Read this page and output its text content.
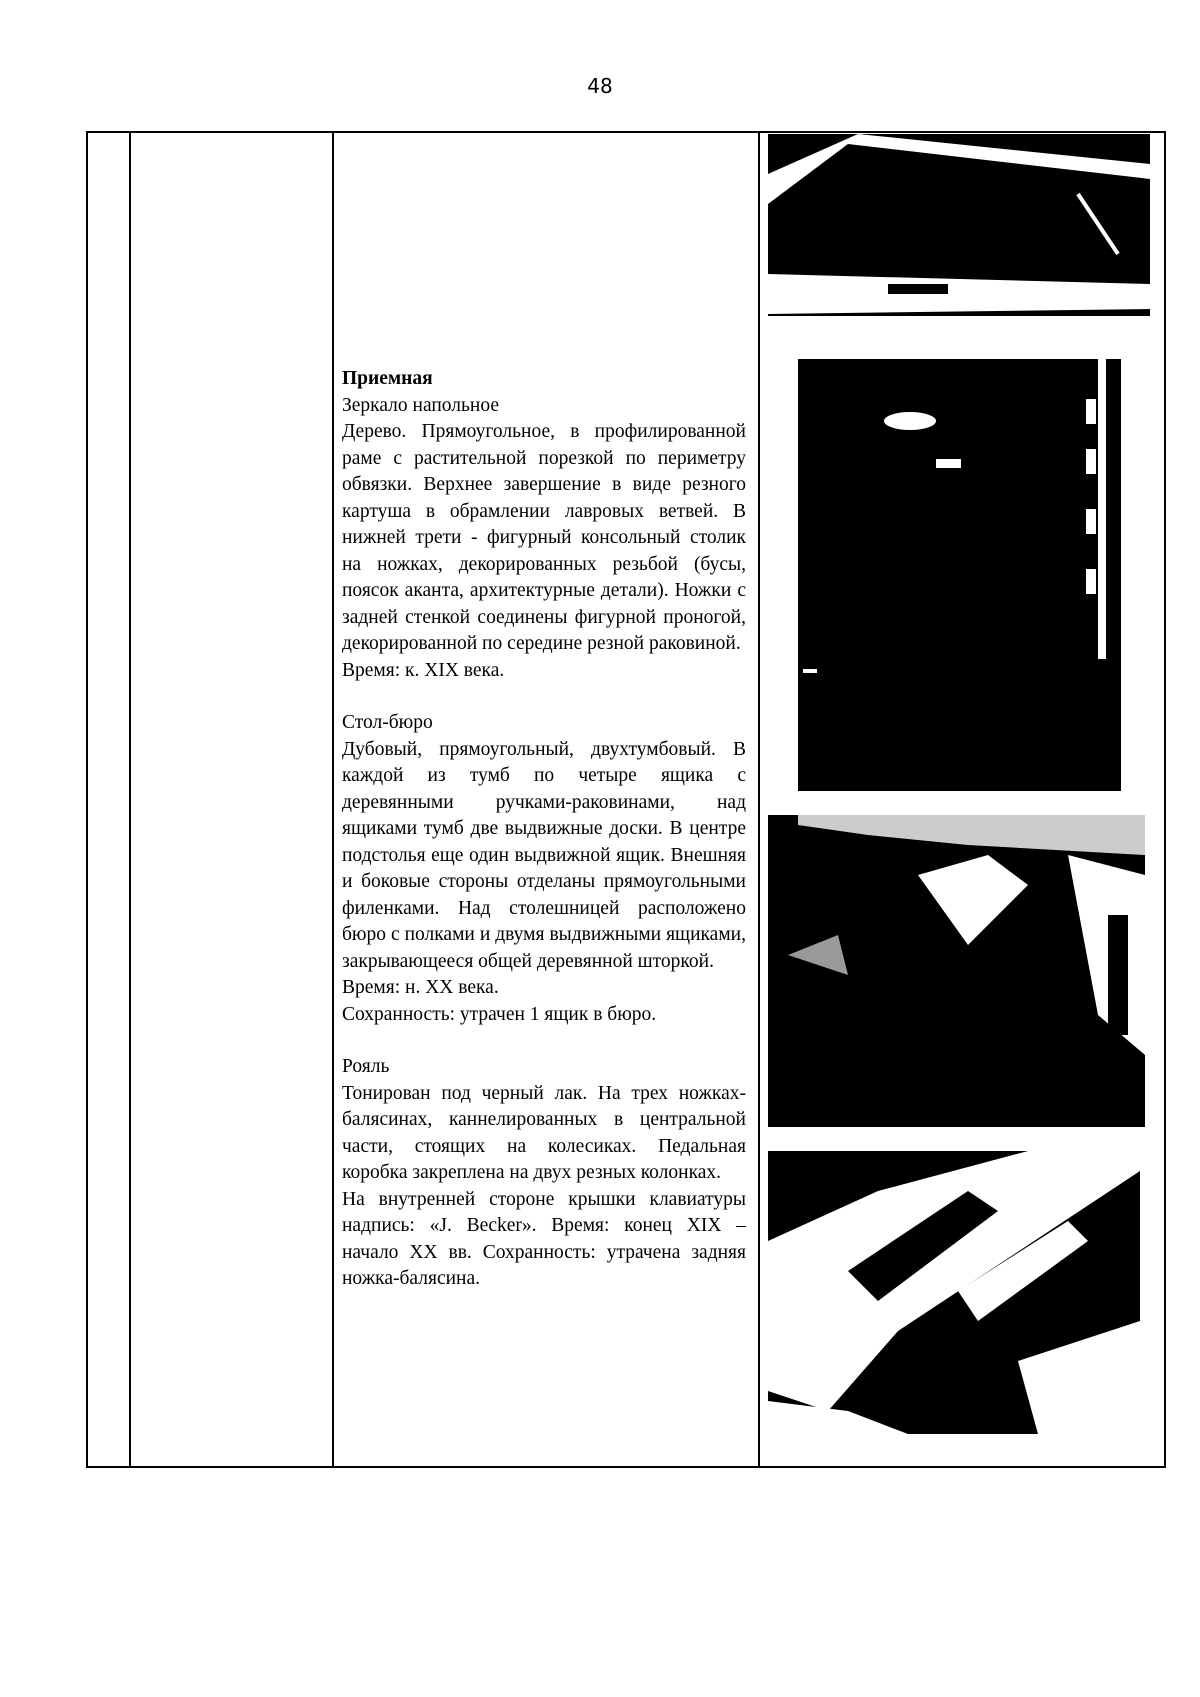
48

Приемная

Зеркало напольное

Дерево. Прямоугольное, в профилированной раме с растительной порезкой по периметру обвязки. Верхнее завершение в виде резного картуша в обрамлении лавровых ветвей. В нижней трети - фигурный консольный столик на ножках, декорированных резьбой (бусы, поясок аканта, архитектурные детали). Ножки с задней стенкой соединены фигурной проногой, декорированной по середине резной раковиной.

Время: к. XIX века.

Стол-бюро

Дубовый, прямоугольный, двухтумбовый. В каждой из тумб по четыре ящика с деревянными ручками-раковинами, над ящиками тумб две выдвижные доски. В центре подстолья еще один выдвижной ящик. Внешняя и боковые стороны отделаны прямоугольными филенками. Над столешницей расположено бюро с полками и двумя выдвижными ящиками, закрывающееся общей деревянной шторкой.

Время: н. XX века.

Сохранность: утрачен 1 ящик в бюро.

Рояль

Тонирован под черный лак. На трех ножках-балясинах, каннелированных в центральной части, стоящих на колесиках. Педальная коробка закреплена на двух резных колонках.

На внутренней стороне крышки клавиатуры надпись: «J. Becker». Время: конец XIX – начало XX вв. Сохранность: утрачена задняя ножка-балясина.
